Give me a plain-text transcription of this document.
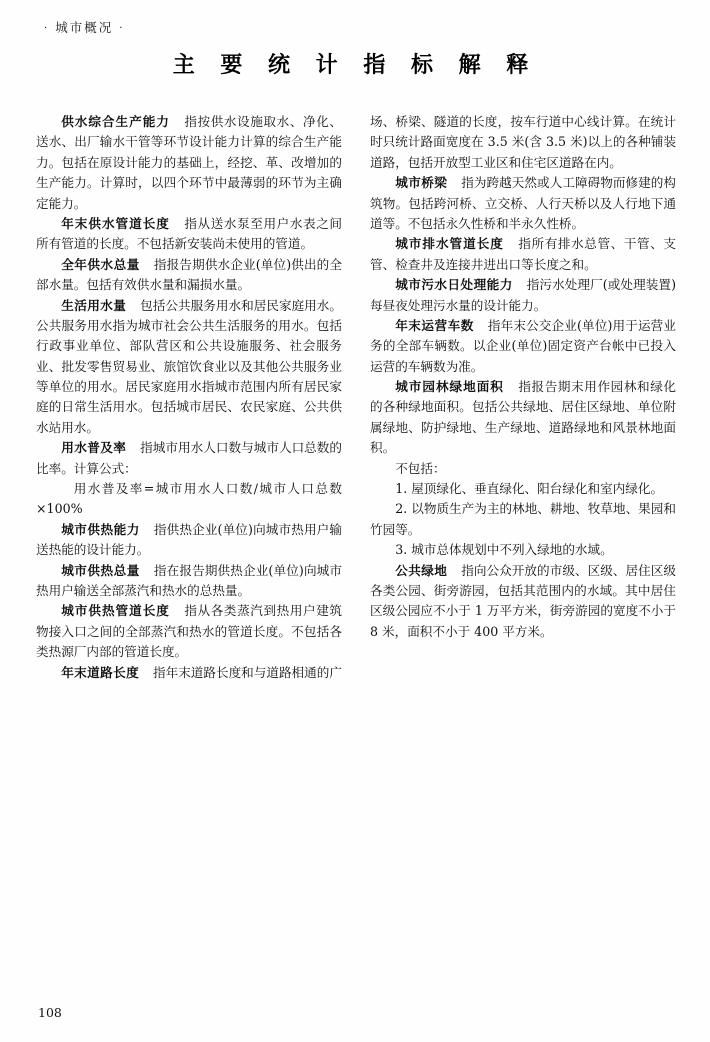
· 城市概况 ·
主 要 统 计 指 标 解 释

供水综合生产能力 指按供水设施取水、净化、送水、出厂输水干管等环节设计能力计算的综合生产能力。包括在原设计能力的基础上，经挖、革、改增加的生产能力。计算时，以四个环节中最薄弱的环节为主确定能力。

年末供水管道长度 指从送水泵至用户水表之间所有管道的长度。不包括新安装尚未使用的管道。

全年供水总量 指报告期供水企业(单位)供出的全部水量。包括有效供水量和漏损水量。

生活用水量 包括公共服务用水和居民家庭用水。公共服务用水指为城市社会公共生活服务的用水。包括行政事业单位、部队营区和公共设施服务、社会服务业、批发零售贸易业、旅馆饮食业以及其他公共服务业等单位的用水。居民家庭用水指城市范围内所有居民家庭的日常生活用水。包括城市居民、农民家庭、公共供水站用水。

用水普及率 指城市用水人口数与城市人口总数的比率。计算公式：

用水普及率=城市用水人口数/城市人口总数×100%

城市供热能力 指供热企业(单位)向城市热用户输送热能的设计能力。

城市供热总量 指在报告期供热企业(单位)向城市热用户输送全部蒸汽和热水的总热量。

城市供热管道长度 指从各类蒸汽到热用户建筑物接入口之间的全部蒸汽和热水的管道长度。不包括各类热源厂内部的管道长度。

年末道路长度 指年末道路长度和与道路相通的广

场、桥梁、隧道的长度，按车行道中心线计算。在统计时只统计路面宽度在 3.5 米(含 3.5 米)以上的各种铺装道路，包括开放型工业区和住宅区道路在内。

城市桥梁 指为跨越天然或人工障碍物而修建的构筑物。包括跨河桥、立交桥、人行天桥以及人行地下通道等。不包括永久性桥和半永久性桥。

城市排水管道长度 指所有排水总管、干管、支管、检查井及连接井进出口等长度之和。

城市污水日处理能力 指污水处理厂(或处理装置)每昼夜处理污水量的设计能力。

年末运营车数 指年末公交企业(单位)用于运营业务的全部车辆数。以企业(单位)固定资产台帐中已投入运营的车辆数为准。

城市园林绿地面积 指报告期末用作园林和绿化的各种绿地面积。包括公共绿地、居住区绿地、单位附属绿地、防护绿地、生产绿地、道路绿地和风景林地面积。

不包括：

1. 屋顶绿化、垂直绿化、阳台绿化和室内绿化。

2. 以物质生产为主的林地、耕地、牧草地、果园和竹园等。

3. 城市总体规划中不列入绿地的水域。

公共绿地 指向公众开放的市级、区级、居住区级各类公园、街旁游园，包括其范围内的水域。其中居住区级公园应不小于 1 万平方米，街旁游园的宽度不小于 8 米，面积不小于 400 平方米。

108
